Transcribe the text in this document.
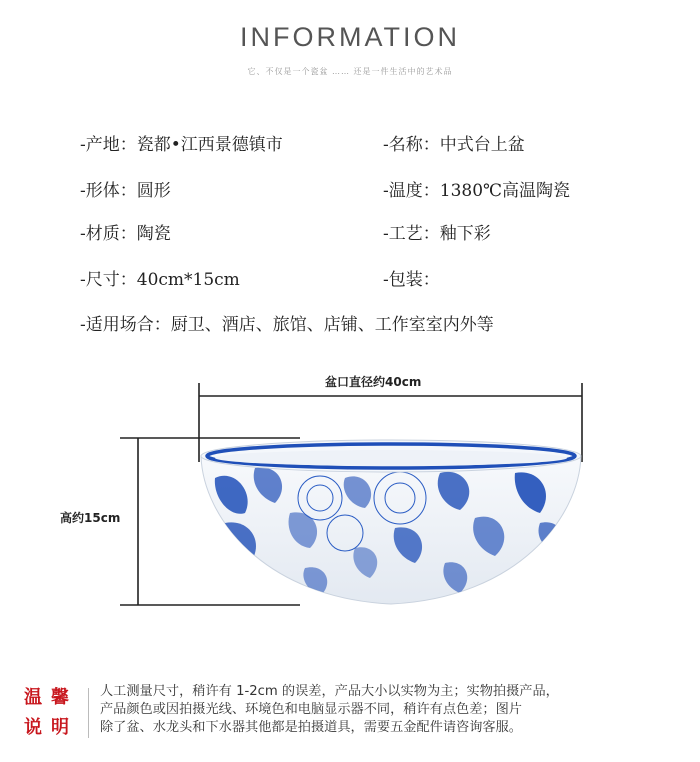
INFORMATION
它、不仅是一个瓷盆 …… 还是一件生活中的艺术品
-产地：瓷都•江西景德镇市	-名称：中式台上盆
-形体：圆形	-温度：1380℃高温陶瓷
-材质：陶瓷	-工艺：釉下彩
-尺寸：40cm*15cm	-包装：
-适用场合：厨卫、酒店、旅馆、店铺、工作室室内外等
盆口直径约40cm
高约15cm
温馨说明
人工测量尺寸，稍许有 1-2cm 的误差，产品大小以实物为主；实物拍摄产品，
产品颜色或因拍摄光线、环境色和电脑显示器不同，稍许有点色差；图片
除了盆、水龙头和下水器其他都是拍摄道具，需要五金配件请咨询客服。
